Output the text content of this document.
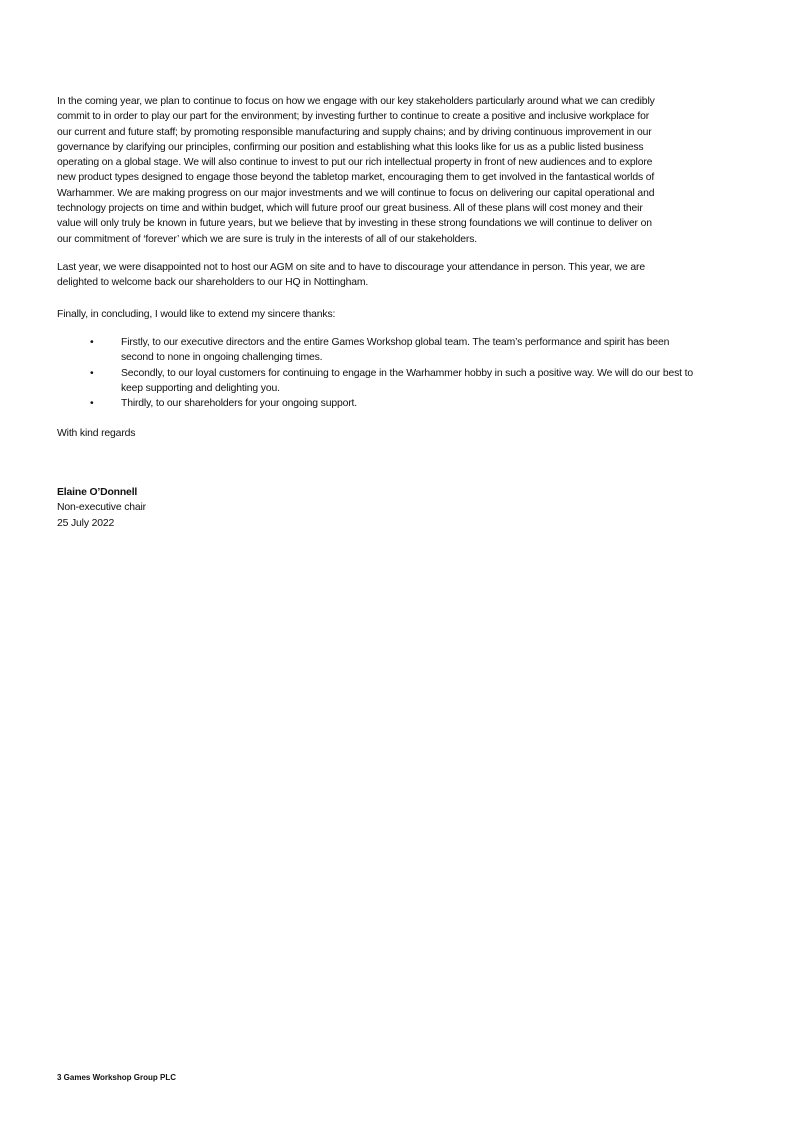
In the coming year, we plan to continue to focus on how we engage with our key stakeholders particularly around what we can credibly
commit to in order to play our part for the environment; by investing further to continue to create a positive and inclusive workplace for
our current and future staff; by promoting responsible manufacturing and supply chains; and by driving continuous improvement in our
governance by clarifying our principles, confirming our position and establishing what this looks like for us as a public listed business
operating on a global stage. We will also continue to invest to put our rich intellectual property in front of new audiences and to explore
new product types designed to engage those beyond the tabletop market, encouraging them to get involved in the fantastical worlds of
Warhammer. We are making progress on our major investments and we will continue to focus on delivering our capital operational and
technology projects on time and within budget, which will future proof our great business. All of these plans will cost money and their
value will only truly be known in future years, but we believe that by investing in these strong foundations we will continue to deliver on
our commitment of ‘forever’ which we are sure is truly in the interests of all of our stakeholders.
Last year, we were disappointed not to host our AGM on site and to have to discourage your attendance in person. This year, we are
delighted to welcome back our shareholders to our HQ in Nottingham.
Finally, in concluding, I would like to extend my sincere thanks:
•	Firstly, to our executive directors and the entire Games Workshop global team. The team’s performance and spirit has been
second to none in ongoing challenging times.
•	Secondly, to our loyal customers for continuing to engage in the Warhammer hobby in such a positive way. We will do our best to
keep supporting and delighting you.
•	Thirdly, to our shareholders for your ongoing support.
With kind regards
Elaine O’Donnell
Non-executive chair
25 July 2022
3 Games Workshop Group PLC
